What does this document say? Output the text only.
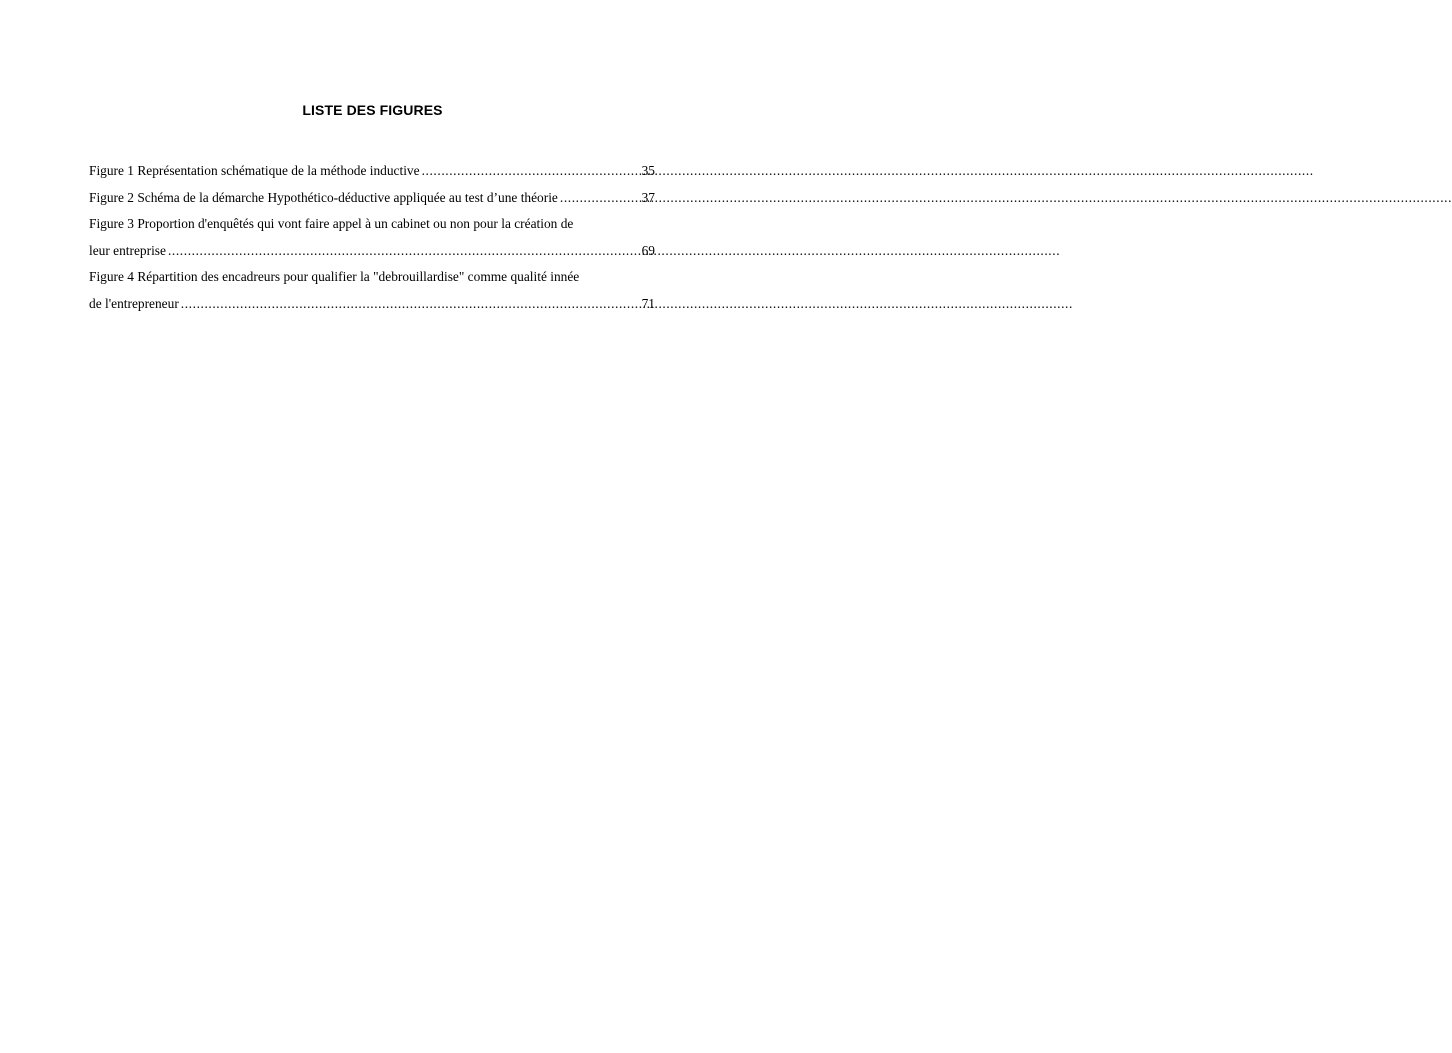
LISTE DES FIGURES
Figure 1 Représentation schématique de la méthode inductive .....	35
Figure 2 Schéma de la démarche Hypothético-déductive appliquée au test d’une théorie .....	37
Figure 3 Proportion d'enquêtés qui vont faire appel à un cabinet ou non pour la création de
leur entreprise .....	69
Figure 4 Répartition des encadreurs pour qualifier la "debrouillardise" comme qualité innée
de l'entrepreneur .....	71
